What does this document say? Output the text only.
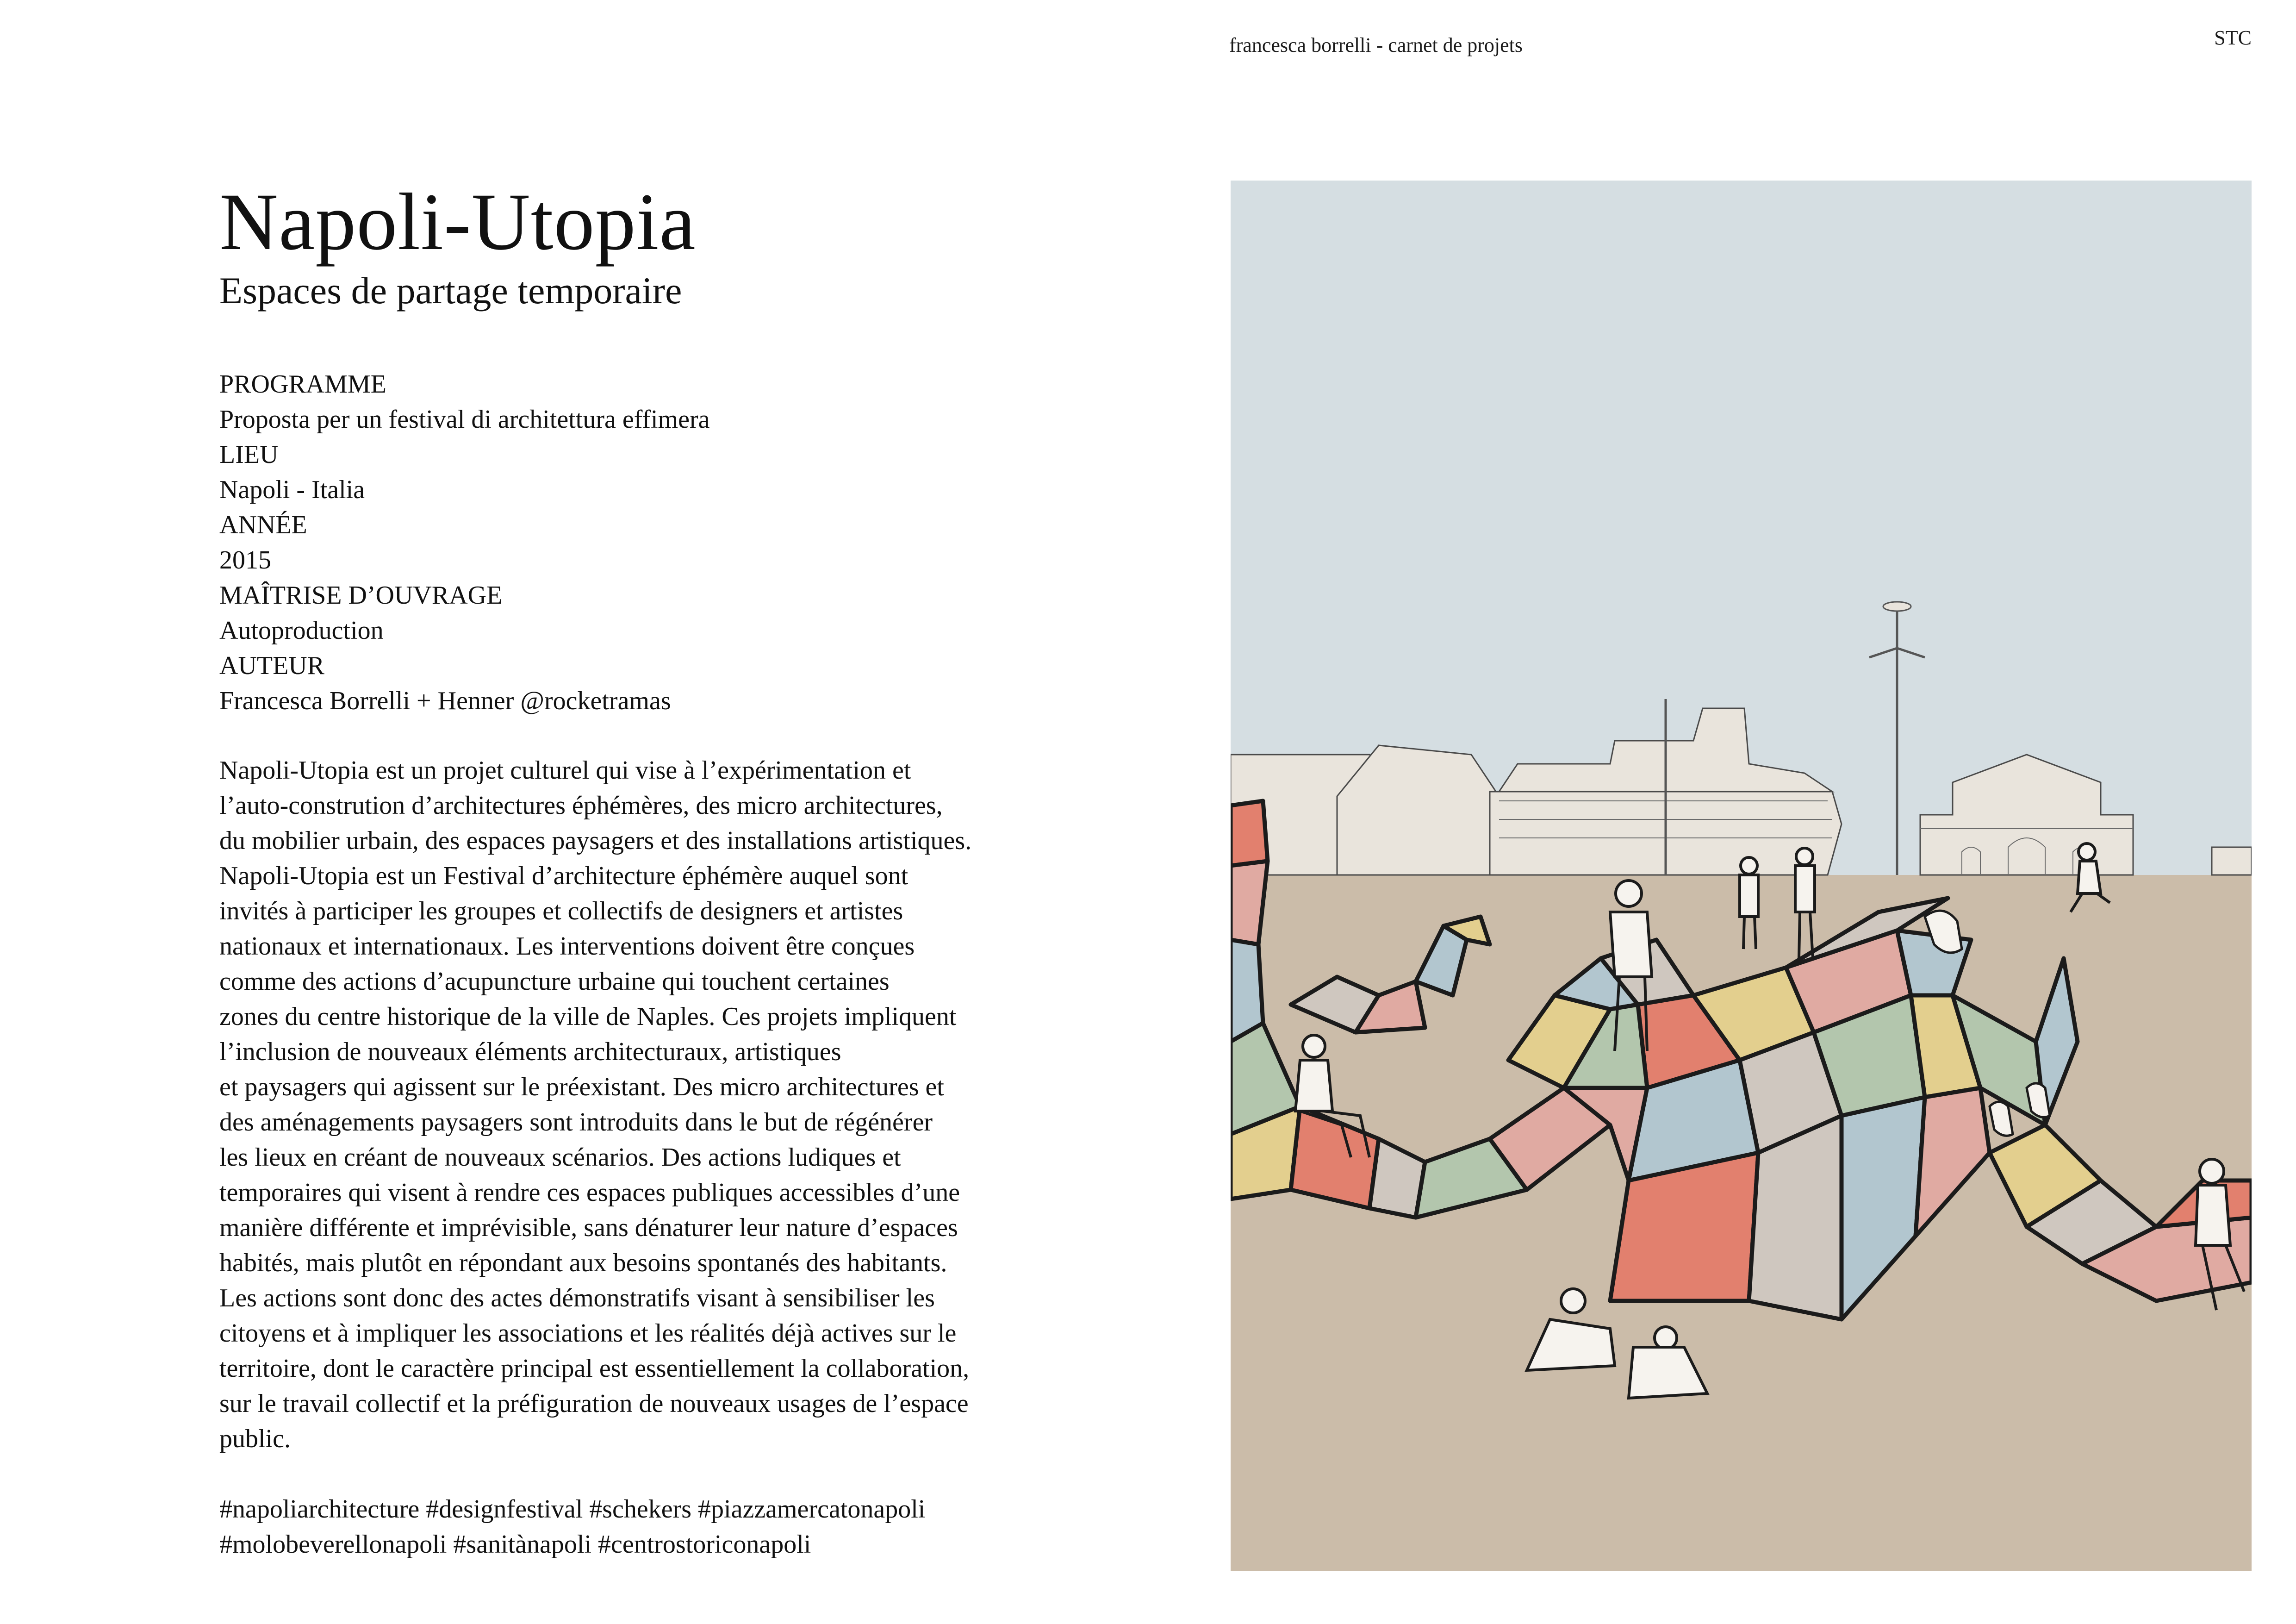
francesca borrelli - carnet de projets	STC
Napoli-Utopia
Espaces de partage temporaire
PROGRAMME
Proposta per un festival di architettura effimera
LIEU
Napoli - Italia
ANNÉE
2015
MAÎTRISE D’OUVRAGE
Autoproduction
AUTEUR
Francesca Borrelli + Henner @rocketramas
Napoli-Utopia est un projet culturel qui vise à l’expérimentation et
l’auto-constrution d’architectures éphémères, des micro architectures,
du mobilier urbain, des espaces paysagers et des installations artistiques.
Napoli-Utopia est un Festival d’architecture éphémère auquel sont
invités à participer les groupes et collectifs de designers et artistes
nationaux et internationaux. Les interventions doivent être conçues
comme des actions d’acupuncture urbaine qui touchent certaines
zones du centre historique de la ville de Naples. Ces projets impliquent
l’inclusion de nouveaux éléments architecturaux, artistiques
et paysagers qui agissent sur le préexistant. Des micro architectures et
des aménagements paysagers sont introduits dans le but de régénérer
les lieux en créant de nouveaux scénarios. Des actions ludiques et
temporaires qui visent à rendre ces espaces publiques accessibles d’une
manière différente et imprévisible, sans dénaturer leur nature d’espaces
habités, mais plutôt en répondant aux besoins spontanés des habitants.
Les actions sont donc des actes démonstratifs visant à sensibiliser les
citoyens et à impliquer les associations et les réalités déjà actives sur le
territoire, dont le caractère principal est essentiellement la collaboration,
sur le travail collectif et la préfiguration de nouveaux usages de l’espace
public.
#napoliarchitecture #designfestival #schekers #piazzamercatonapoli
#molobeverellonapoli #sanitànapoli #centrostoriconapoli
